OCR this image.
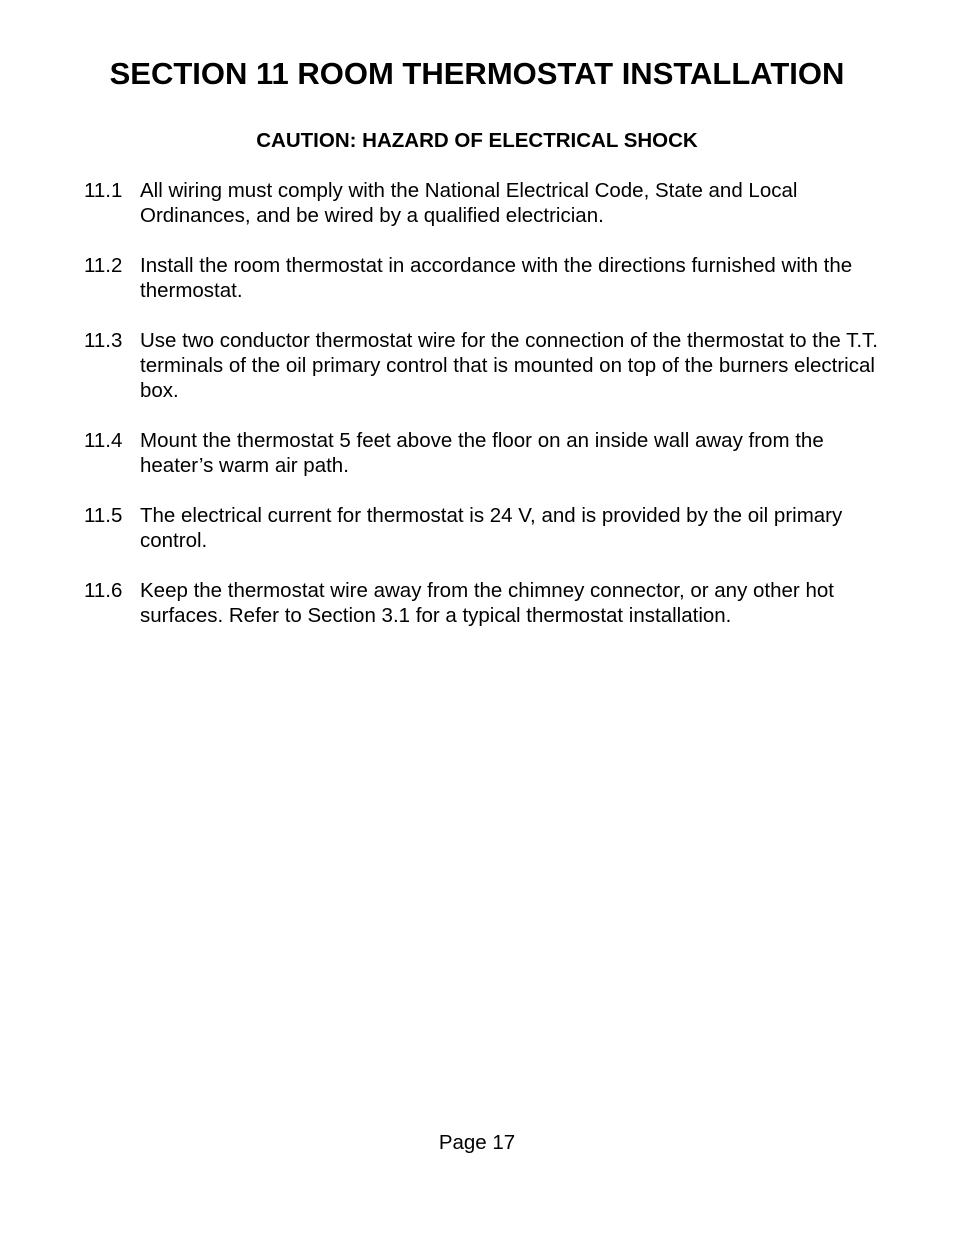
SECTION 11 ROOM THERMOSTAT INSTALLATION

CAUTION: HAZARD OF ELECTRICAL SHOCK

11.1 All wiring must comply with the National Electrical Code, State and Local Ordinances, and be wired by a qualified electrician.
11.2 Install the room thermostat in accordance with the directions furnished with the thermostat.
11.3 Use two conductor thermostat wire for the connection of the thermostat to the T.T. terminals of the oil primary control that is mounted on top of the burners electrical box.
11.4 Mount the thermostat 5 feet above the floor on an inside wall away from the heater’s warm air path.
11.5 The electrical current for thermostat is 24 V, and is provided by the oil primary control.
11.6 Keep the thermostat wire away from the chimney connector, or any other hot surfaces. Refer to Section 3.1 for a typical thermostat installation.

Page 17
